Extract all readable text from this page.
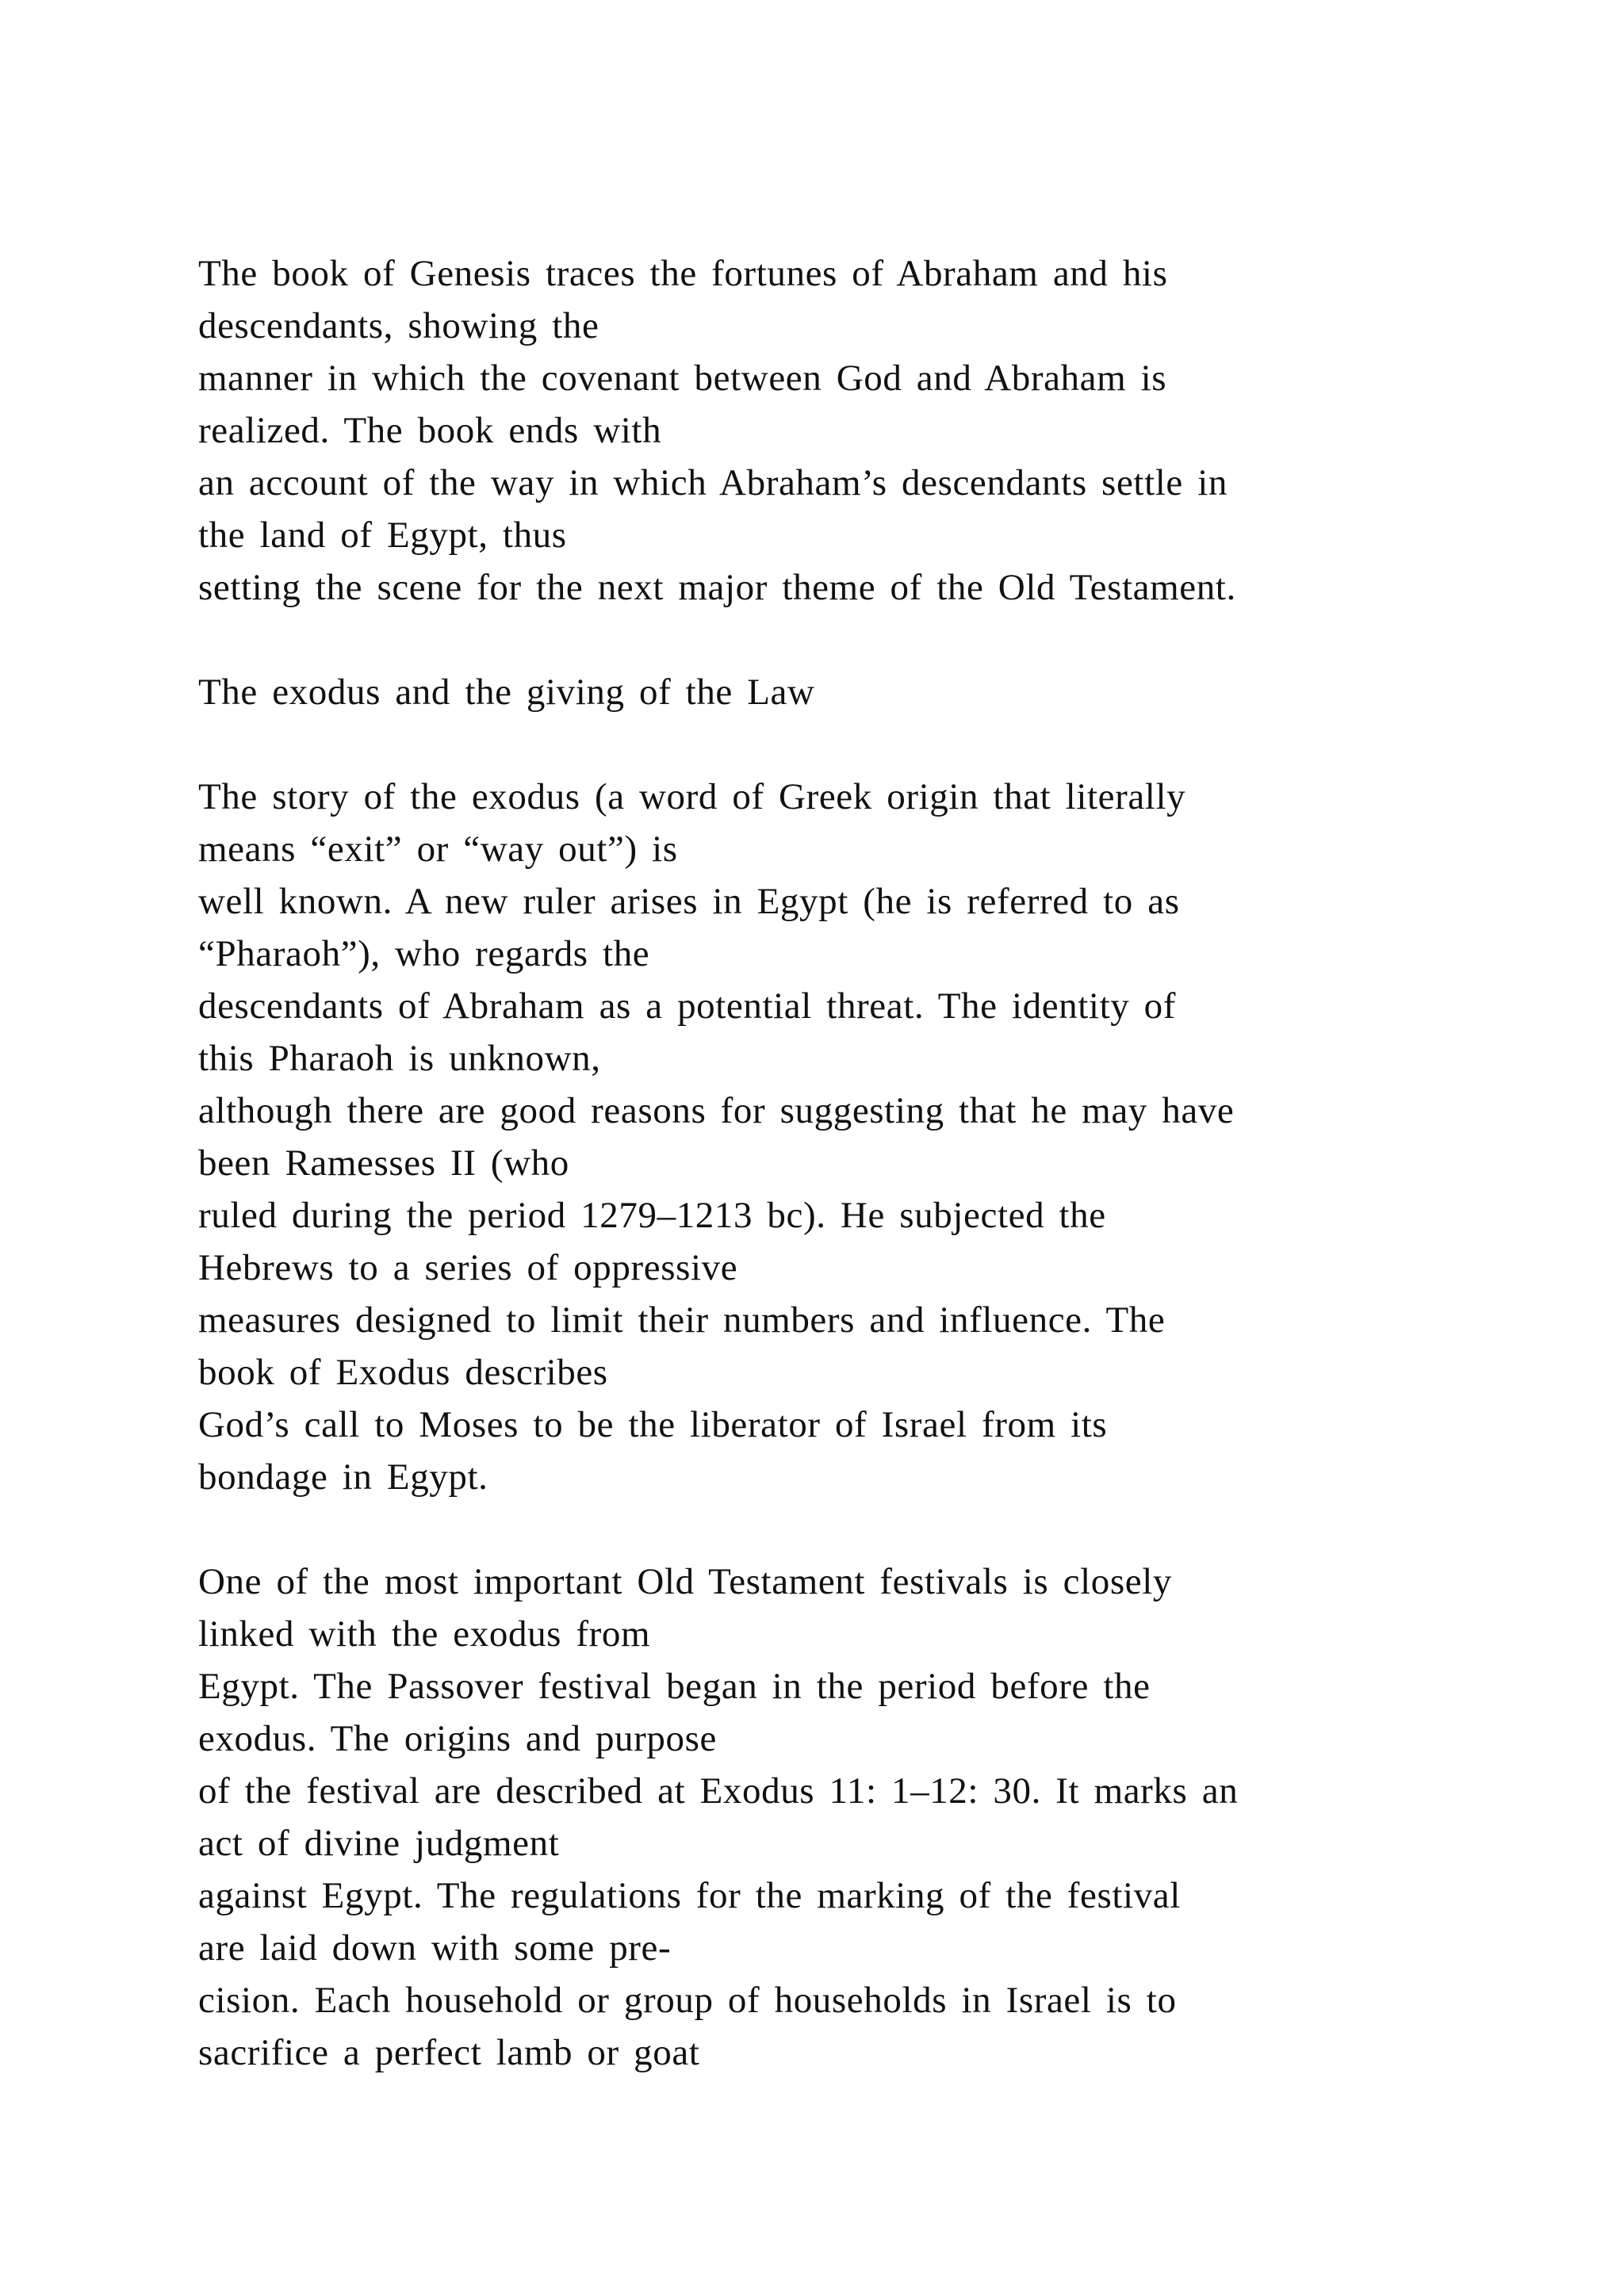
The book of Genesis traces the fortunes of Abraham and his
descendants, showing the
manner in which the covenant between God and Abraham is
realized. The book ends with
an account of the way in which Abraham’s descendants settle in
the land of Egypt, thus
setting the scene for the next major theme of the Old Testament.
The exodus and the giving of the Law
The story of the exodus (a word of Greek origin that literally
means “exit” or “way out”) is
well known. A new ruler arises in Egypt (he is referred to as
“Pharaoh”), who regards the
descendants of Abraham as a potential threat. The identity of
this Pharaoh is unknown,
although there are good reasons for suggesting that he may have
been Ramesses II (who
ruled during the period 1279–1213 bc). He subjected the
Hebrews to a series of oppressive
measures designed to limit their numbers and influence. The
book of Exodus describes
God’s call to Moses to be the liberator of Israel from its
bondage in Egypt.
One of the most important Old Testament festivals is closely
linked with the exodus from
Egypt. The Passover festival began in the period before the
exodus. The origins and purpose
of the festival are described at Exodus 11: 1–12: 30. It marks an
act of divine judgment
against Egypt. The regulations for the marking of the festival
are laid down with some pre-
cision. Each household or group of households in Israel is to
sacrifice a perfect lamb or goat
